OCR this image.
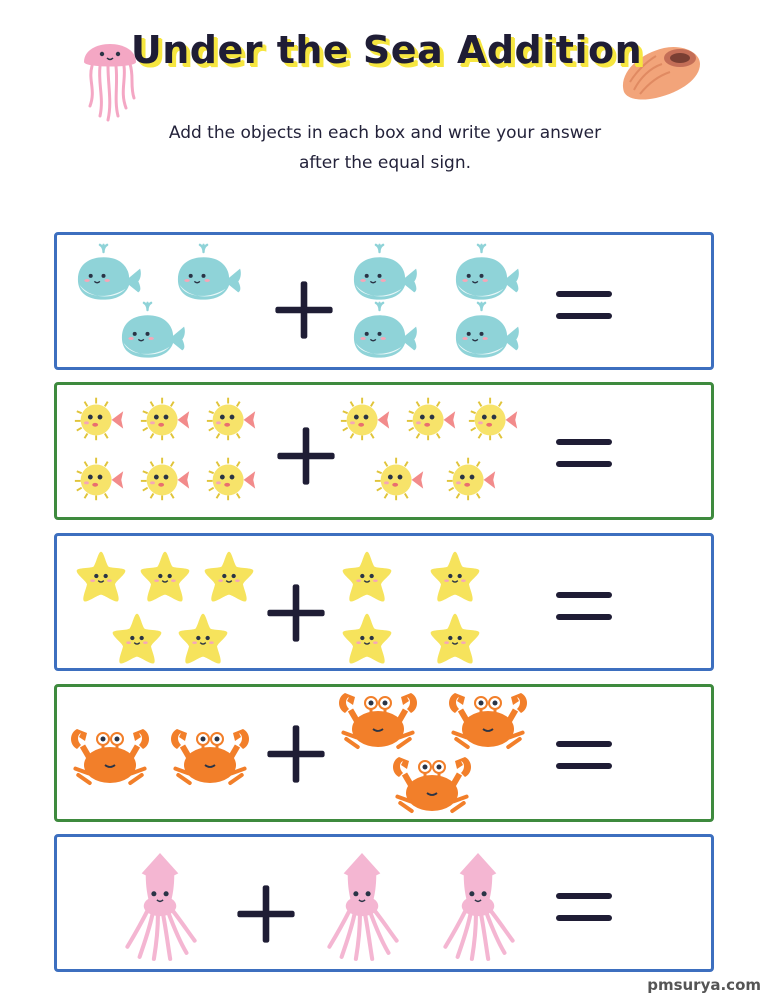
Under the Sea Addition
Add the objects in each box and write your answer after the equal sign.
pmsurya.com
